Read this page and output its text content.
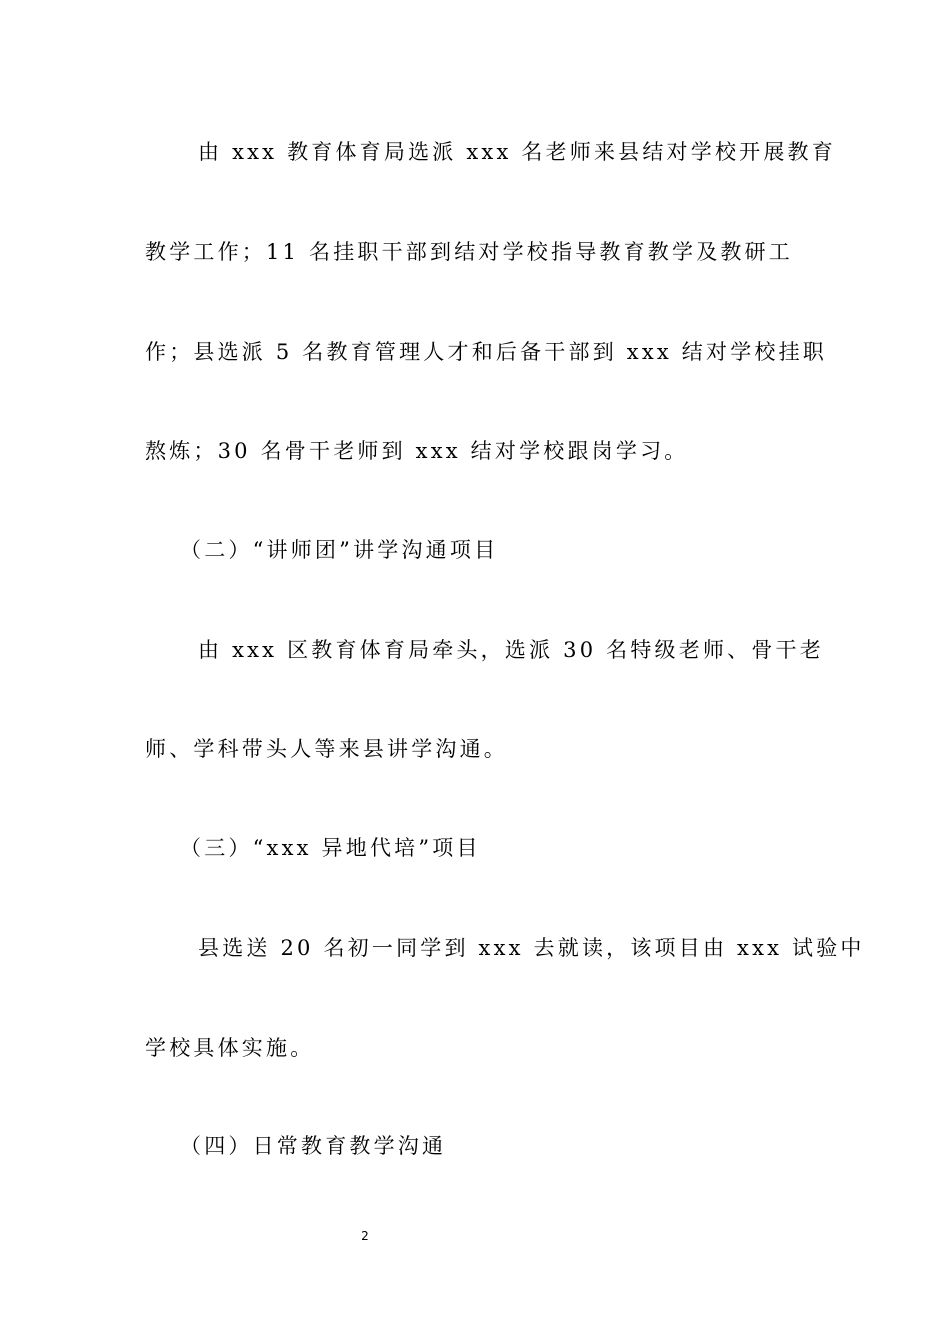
由 xxx 教育体育局选派 xxx 名老师来县结对学校开展教育
教学工作；11 名挂职干部到结对学校指导教育教学及教研工
作；县选派 5 名教育管理人才和后备干部到 xxx 结对学校挂职
熬炼；30 名骨干老师到 xxx 结对学校跟岗学习。
（二）“讲师团”讲学沟通项目
由 xxx 区教育体育局牵头，选派 30 名特级老师、骨干老
师、学科带头人等来县讲学沟通。
（三）“xxx 异地代培”项目
县选送 20 名初一同学到 xxx 去就读，该项目由 xxx 试验中
学校具体实施。
（四）日常教育教学沟通
2
